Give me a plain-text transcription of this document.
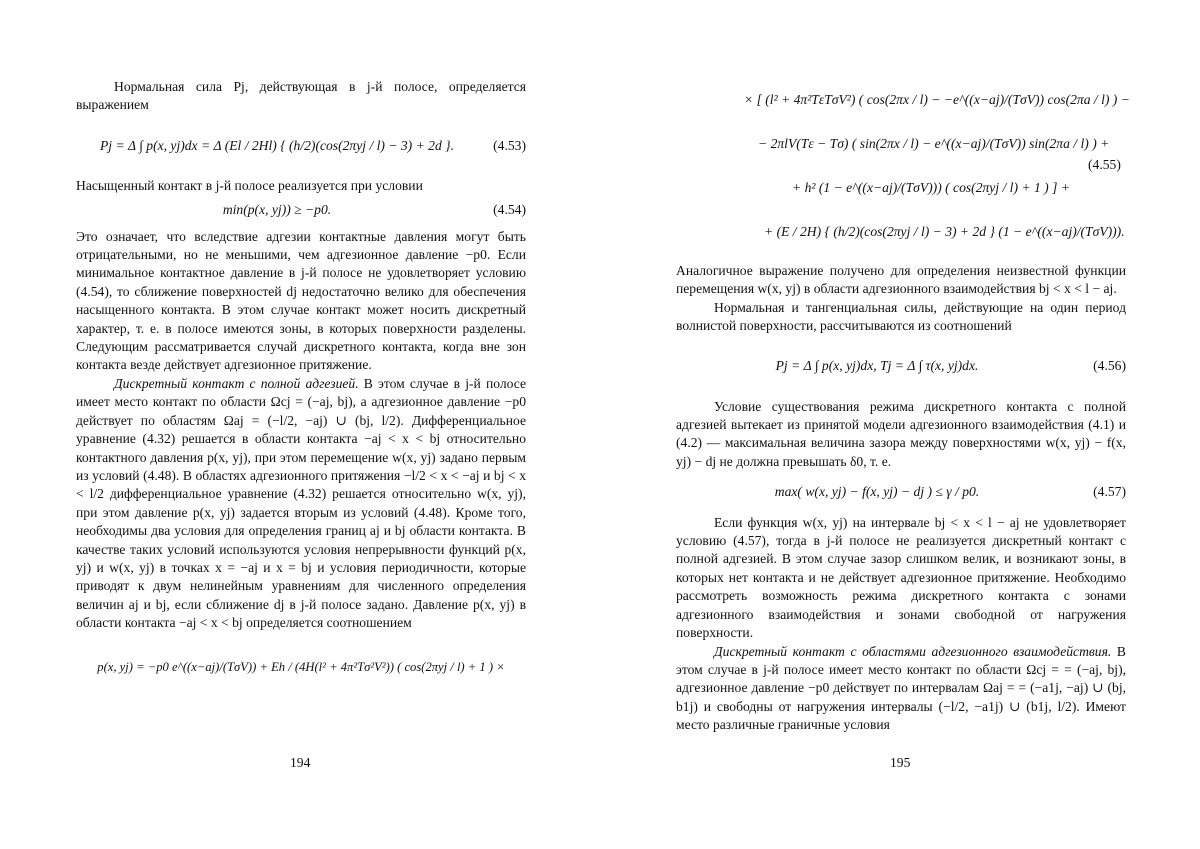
Нормальная сила Pj, действующая в j-й полосе, определяется выражением

Pj = Δ ∫ p(x, yj)dx = Δ (El / 2Hl) { (h/2)(cos(2πyj / l) − 3) + 2d }.	(4.53)

Насыщенный контакт в j-й полосе реализуется при условии

min(p(x, yj)) ≥ −p0.	(4.54)

Это означает, что вследствие адгезии контактные давления могут быть отрицательными, но не меньшими, чем адгезионное давление −p0. Если минимальное контактное давление в j-й полосе не удовлетворяет условию (4.54), то сближение поверхностей dj недостаточно велико для обеспечения насыщенного контакта. В этом случае контакт может носить дискретный характер, т. е. в полосе имеются зоны, в которых поверхности разделены. Следующим рассматривается случай дискретного контакта, когда вне зон контакта везде действует адгезионное притяжение.

Дискретный контакт с полной адгезией. В этом случае в j-й полосе имеет место контакт по области Ωcj = (−aj, bj), а адгезионное давление −p0 действует по областям Ωaj = (−l/2, −aj) ∪ (bj, l/2). Дифференциальное уравнение (4.32) решается в области контакта −aj < x < bj относительно контактного давления p(x, yj), при этом перемещение w(x, yj) задано первым из условий (4.48). В областях адгезионного притяжения −l/2 < x < −aj и bj < x < l/2 дифференциальное уравнение (4.32) решается относительно w(x, yj), при этом давление p(x, yj) задается вторым из условий (4.48). Кроме того, необходимы два условия для определения границ aj и bj области контакта. В качестве таких условий используются условия непрерывности функций p(x, yj) и w(x, yj) в точках x = −aj и x = bj и условия периодичности, которые приводят к двум нелинейным уравнениям для численного определения величин aj и bj, если сближение dj в j-й полосе задано. Давление p(x, yj) в области контакта −aj < x < bj определяется соотношением

p(x, yj) = −p0 e^((x−aj)/(TσV)) + Eh / (4H(l² + 4π²Tσ²V²)) ( cos(2πyj / l) + 1 ) ×
194
× [ (l² + 4π²TεTσV²) ( cos(2πx / l) − −e^((x−aj)/(TσV)) cos(2πa / l) ) −
− 2πlV(Tε − Tσ) ( sin(2πx / l) − e^((x−aj)/(TσV)) sin(2πa / l) ) +
+ h² (1 − e^((x−aj)/(TσV))) ( cos(2πyj / l) + 1 ) ] +
+ (E / 2H) { (h/2)(cos(2πyj / l) − 3) + 2d } (1 − e^((x−aj)/(TσV))).
(4.55)

Аналогичное выражение получено для определения неизвестной функции перемещения w(x, yj) в области адгезионного взаимодействия bj < x < l − aj.

Нормальная и тангенциальная силы, действующие на один период волнистой поверхности, рассчитываются из соотношений

Pj = Δ ∫ p(x, yj)dx, Tj = Δ ∫ τ(x, yj)dx.	(4.56)

Условие существования режима дискретного контакта с полной адгезией вытекает из принятой модели адгезионного взаимодействия (4.1) и (4.2) — максимальная величина зазора между поверхностями w(x, yj) − f(x, yj) − dj не должна превышать δ0, т. е.

max( w(x, yj) − f(x, yj) − dj ) ≤ γ / p0.	(4.57)

Если функция w(x, yj) на интервале bj < x < l − aj не удовлетворяет условию (4.57), тогда в j-й полосе не реализуется дискретный контакт с полной адгезией. В этом случае зазор слишком велик, и возникают зоны, в которых нет контакта и не действует адгезионное притяжение. Необходимо рассмотреть возможность режима дискретного контакта с зонами адгезионного взаимодействия и зонами свободной от нагружения поверхности.

Дискретный контакт с областями адгезионного взаимодействия. В этом случае в j-й полосе имеет место контакт по области Ωcj = = (−aj, bj), адгезионное давление −p0 действует по интервалам Ωaj = = (−a1j, −aj) ∪ (bj, b1j) и свободны от нагружения интервалы (−l/2, −a1j) ∪ (b1j, l/2). Имеют место различные граничные условия

195
